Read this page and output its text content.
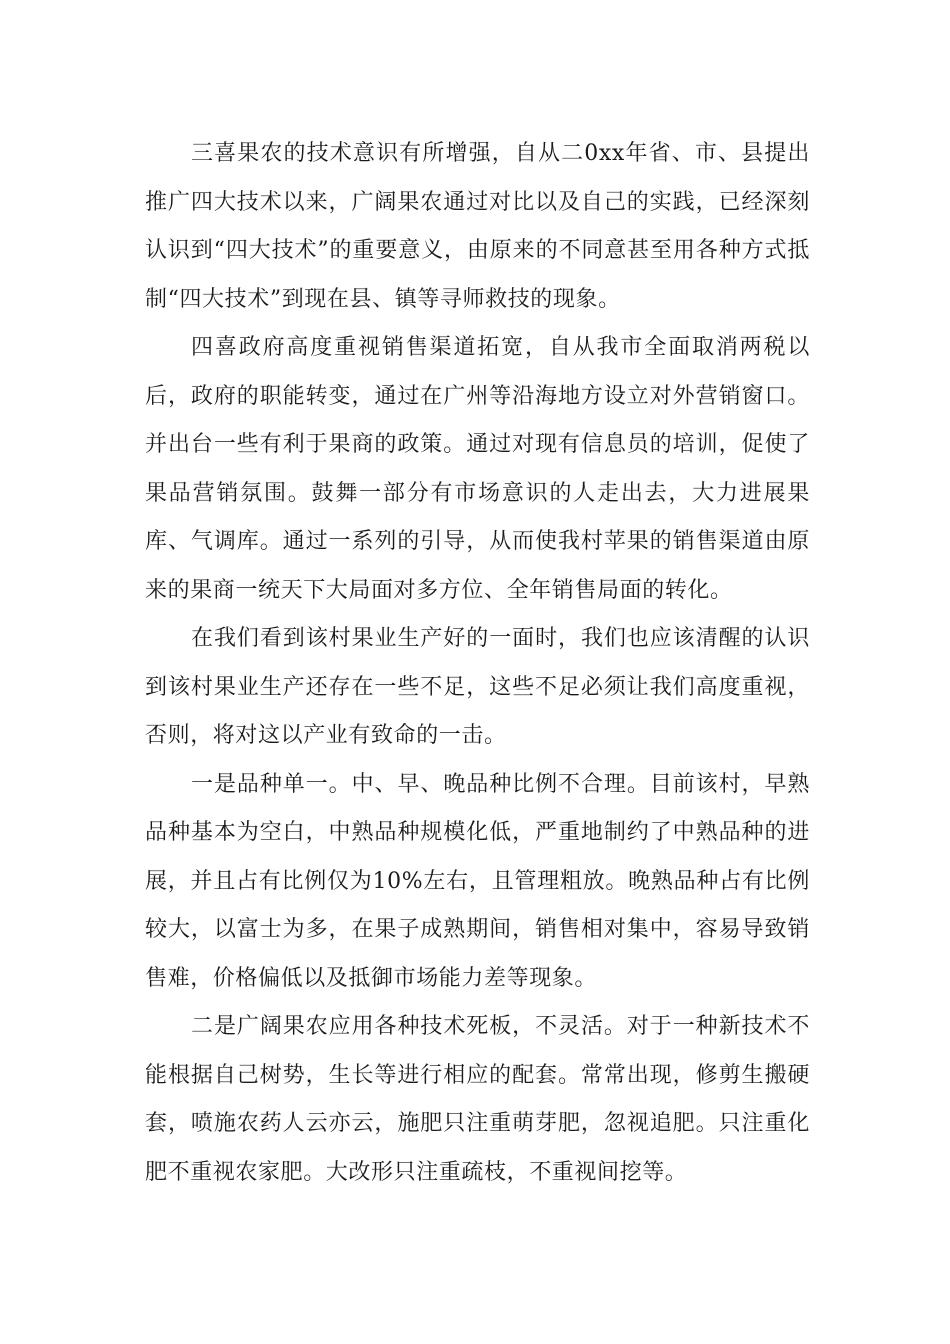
三喜果农的技术意识有所增强，自从二0xx年省、市、县提出推广四大技术以来，广阔果农通过对比以及自己的实践，已经深刻认识到“四大技术”的重要意义，由原来的不同意甚至用各种方式抵制“四大技术”到现在县、镇等寻师救技的现象。

四喜政府高度重视销售渠道拓宽，自从我市全面取消两税以后，政府的职能转变，通过在广州等沿海地方设立对外营销窗口。并出台一些有利于果商的政策。通过对现有信息员的培训，促使了果品营销氛围。鼓舞一部分有市场意识的人走出去，大力进展果库、气调库。通过一系列的引导，从而使我村苹果的销售渠道由原来的果商一统天下大局面对多方位、全年销售局面的转化。

在我们看到该村果业生产好的一面时，我们也应该清醒的认识到该村果业生产还存在一些不足，这些不足必须让我们高度重视，否则，将对这以产业有致命的一击。

一是品种单一。中、早、晚品种比例不合理。目前该村，早熟品种基本为空白，中熟品种规模化低，严重地制约了中熟品种的进展，并且占有比例仅为10%左右，且管理粗放。晚熟品种占有比例较大，以富士为多，在果子成熟期间，销售相对集中，容易导致销售难，价格偏低以及抵御市场能力差等现象。

二是广阔果农应用各种技术死板，不灵活。对于一种新技术不能根据自己树势，生长等进行相应的配套。常常出现，修剪生搬硬套，喷施农药人云亦云，施肥只注重萌芽肥，忽视追肥。只注重化肥不重视农家肥。大改形只注重疏枝，不重视间挖等。
